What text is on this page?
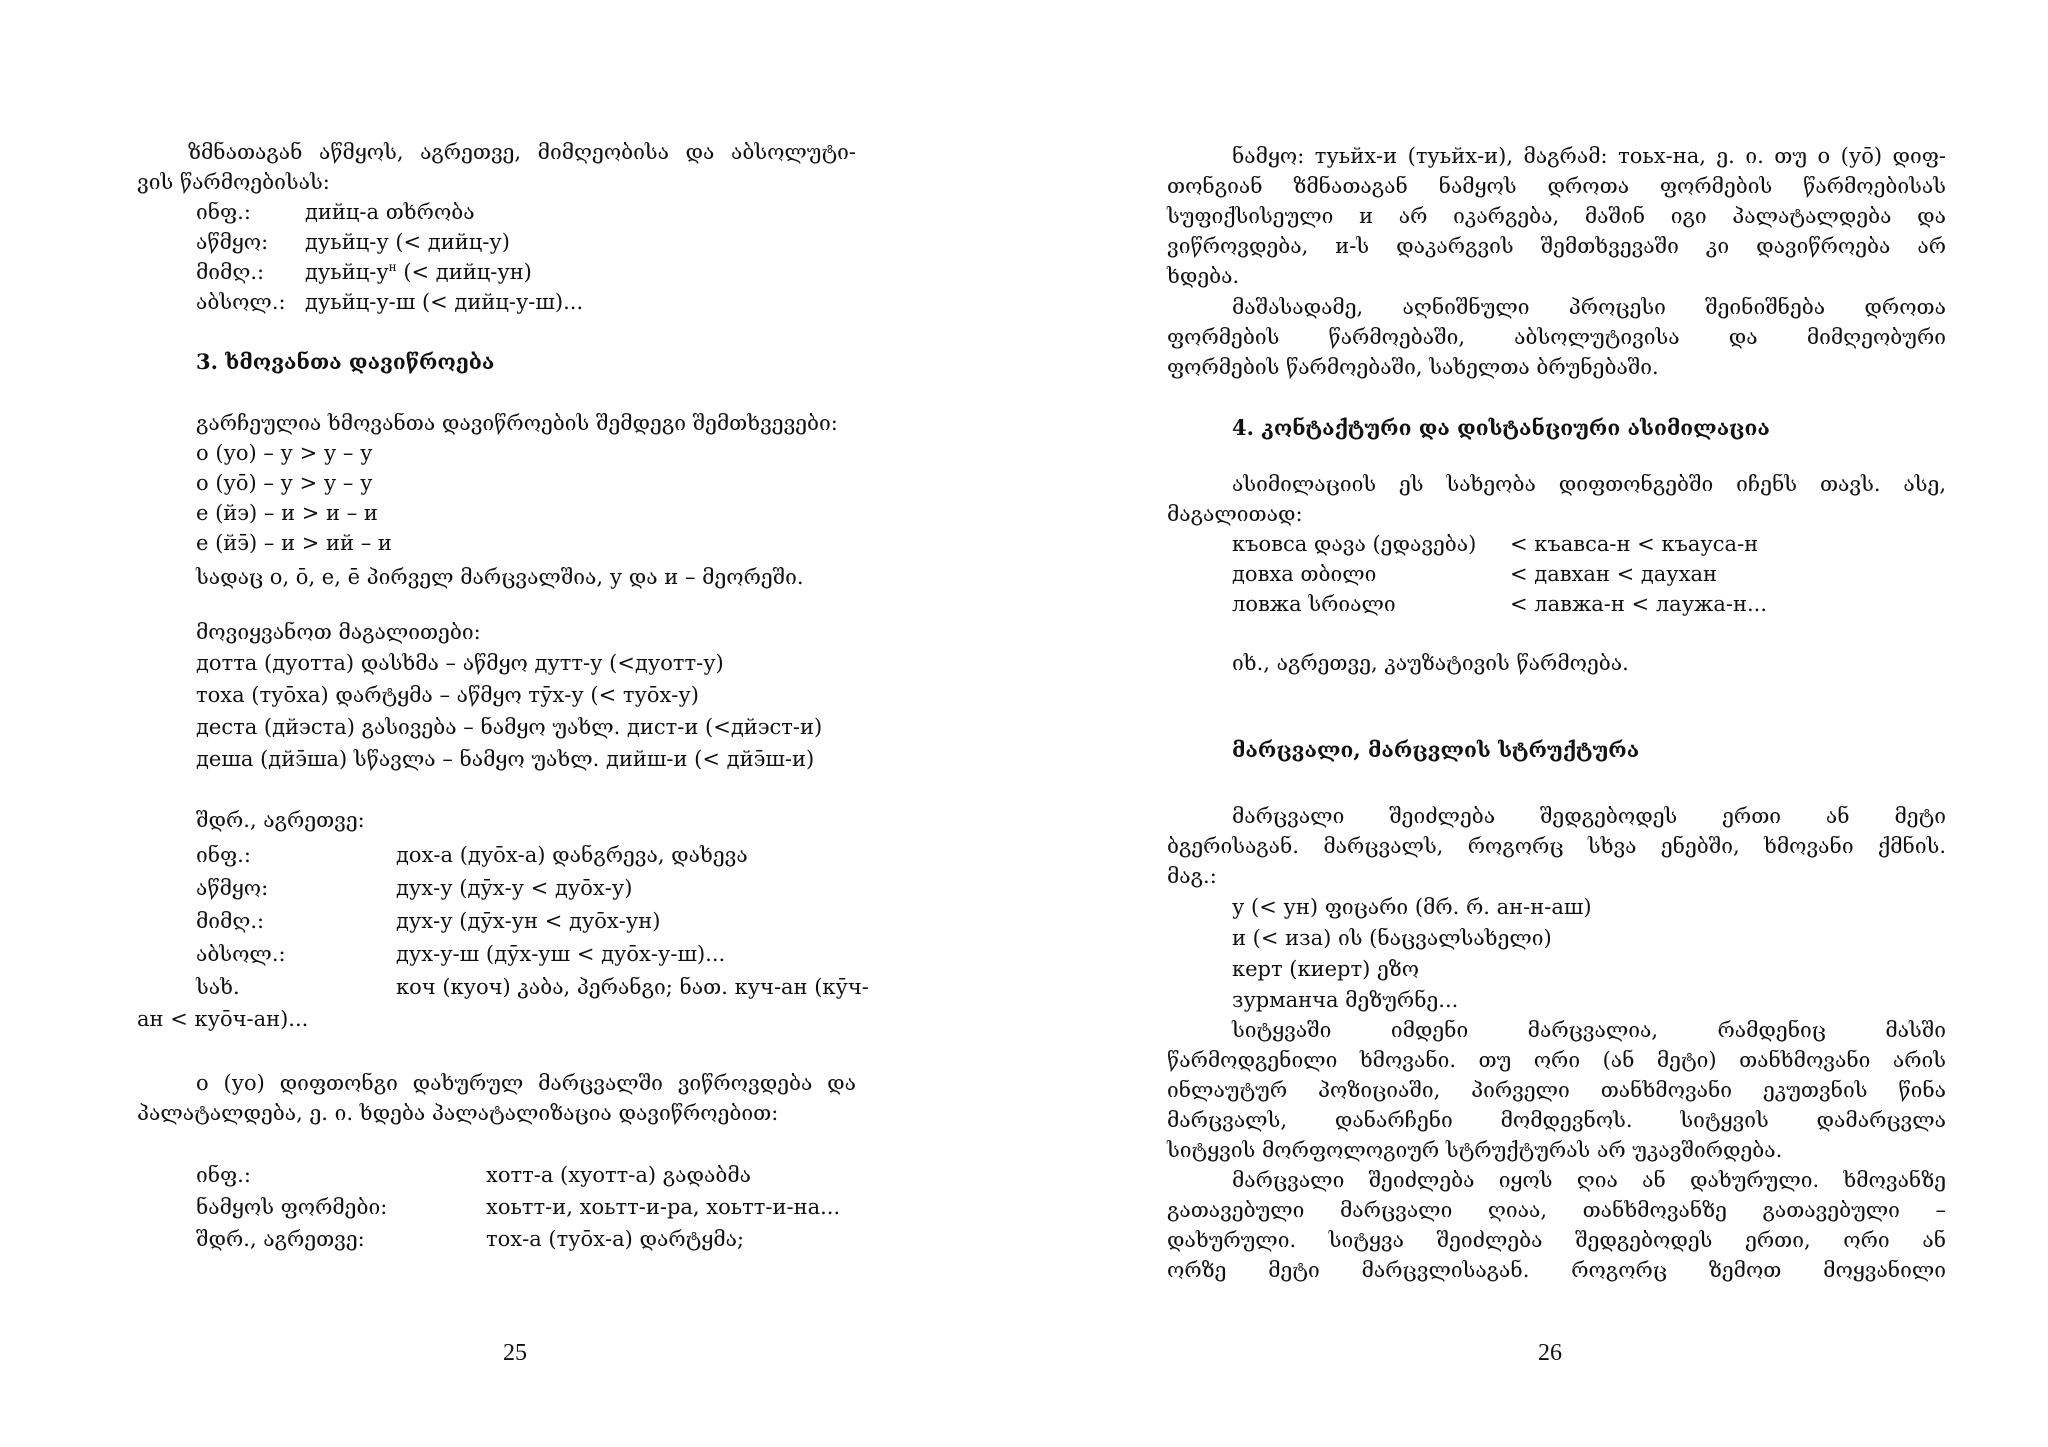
ზმნათაგან აწმყოს, აგრეთვე, მიმღეობისა და აბსოლუტი-
ვის წარმოებისას:
ინფ.:	дийц-а თხრობა
აწმყო: дуьйц-у (< дийц-у)
მიმღ.: дуьйц-$у^н$ (< дийц-ун)
აბსოლ.: дуьйц-у-ш (< дийц-у-ш)...
3. ხმოვანთა დავიწროება
გარჩეულია ხმოვანთა დავიწროების შემდეგი შემთხვევები:
о (уо) – у > у – у
о (уō) – у > у – у
е (йэ) – и > и – и
е (йэ̄) – и > ий – и
სადაც о, ō, е, ē პირველ მარცვალშია, у და и – მეორეში.
მოვიყვანოთ მაგალითები:
дотта (дуотта) დასხმა – აწმყო дутт-у (<дуотт-у)
тоха (туōха) დარტყმა – აწმყო тӯх-у (< туōх-у)
деста (дйэста) გასივება – ნამყო უახლ. дист-и (<дйэст-и)
деша (дйэ̄ша) სწავლა – ნამყო უახლ. дийш-и (< дйэ̄ш-и)
შდრ., აგრეთვე:
ინფ.:	дох-а (дуōх-а) დანგრევა, დახევა
აწმყო:	дух-у (дӯх-у < дуōх-у)
მიმღ.:	дух-у (дӯх-ун < дуōх-ун)
აბსოლ.:	дух-у-ш (дӯх-уш < дуōх-у-ш)...
სახ.	коч (куоч) კაბა, პერანგი; ნათ. куч-ан (кӯч-
ан < куōч-ан)...
о (уо) დიფთონგი დახურულ მარცვალში ვიწროვდება და
პალატალდება, ე. ი. ხდება პალატალიზაცია დავიწროებით:
ინფ.:	хотт-а (хуотт-а) გადაბმა
ნამყოს ფორმები:	хоьтт-и, хоьтт-и-ра, хоьтт-и-на...
შდრ., აგრეთვე:	тох-а (туōх-а) დარტყმა;
25
ნამყო: туьйх-и (туьйх-и), მაგრამ: тоьх-на, ე. ი. თუ о (уō) დიფ-
თონგიან ზმნათაგან ნამყოს დროთა ფორმების წარმოებისას
სუფიქსისეული и არ იკარგება, მაშინ იგი პალატალდება და
ვიწროვდება, и-ს დაკარგვის შემთხვევაში კი დავიწროება არ
ხდება.
მაშასადამე, აღნიშნული პროცესი შეინიშნება დროთა
ფორმების წარმოებაში, აბსოლუტივისა და მიმღეობური
ფორმების წარმოებაში, სახელთა ბრუნებაში.
4. კონტაქტური და დისტანციური ასიმილაცია
ასიმილაციის ეს სახეობა დიფთონგებში იჩენს თავს. ასე,
მაგალითად:
къовса დავა (ედავება) < къавса-н < къауса-н
довха თბილი	< давхан < даухан
ловжа სრიალი	< лавжа-н < лаужа-н...
იხ., აგრეთვე, კაუზატივის წარმოება.
მარცვალი, მარცვლის სტრუქტურა
მარცვალი შეიძლება შედგებოდეს ერთი ან მეტი
ბგერისაგან. მარცვალს, როგორც სხვა ენებში, ხმოვანი ქმნის.
მაგ.:
у (< ун) ფიცარი (მრ. რ. ан-н-аш)
и (< иза) ის (ნაცვალსახელი)
керт (киерт) ეზო
зурманча მეზურნე...
სიტყვაში იმდენი მარცვალია, რამდენიც მასში
წარმოდგენილი ხმოვანი. თუ ორი (ან მეტი) თანხმოვანი არის
ინლაუტურ პოზიციაში, პირველი თანხმოვანი ეკუთვნის წინა
მარცვალს, დანარჩენი მომდევნოს. სიტყვის დამარცვლა
სიტყვის მორფოლოგიურ სტრუქტურას არ უკავშირდება.
მარცვალი შეიძლება იყოს ღია ან დახურული. ხმოვანზე
გათავებული მარცვალი ღიაა, თანხმოვანზე გათავებული –
დახურული. სიტყვა შეიძლება შედგებოდეს ერთი, ორი ან
ორზე მეტი მარცვლისაგან. როგორც ზემოთ მოყვანილი
26
